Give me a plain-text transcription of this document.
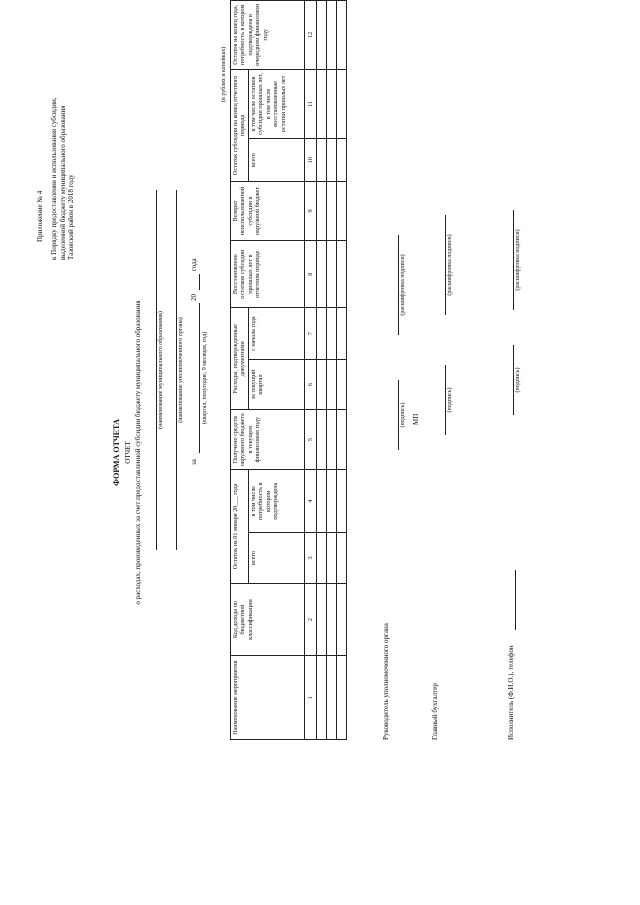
Приложение № 4 к Порядку предоставления и использования субсидии, выделенной бюджету муниципального образования Тазовский район в 2018 году
ФОРМА ОТЧЕТА ОТЧЕТ о расходах, произведенных за счет предоставленной субсидии бюджету муниципального образования	(наименование муниципального образования) (наименование уполномоченного органа)
за
20
года
(квартал, полугодие, 9 месяцев, год)
(в рублях и копейках)
Наименование мероприятия	Код дохода по бюджетной классификации	Остаток на 01 января 20___ года		Получено средств окружного бюджета в текущем финансовом году	Расходы, подтвержденные документами		Восстановлено остатков субсидии прошлых лет в отчетном периоде	Возврат неиспользованной субсидии в окружной бюджет	Остаток субсидии на конец отчетного периода		Остаток на конец года, потребность в котором подтверждена в очередном финансовом году
		всего	в том числе потребность в котором подтверждена		за текущий квартал	с начала года			всего	в том числе остатков субсидии прошлых лет, в том числе восстановленные остатки прошлых лет	
1	2	3	4	5	6	7	8	9	10	11	12

Руководитель уполномоченного органа
(подпись)
(расшифровка подписи)
МП
Главный бухгалтер
(подпись)
(расшифровка подписи)
Исполнитель (Ф.И.О.), телефон
(подпись)
(расшифровка подписи)
